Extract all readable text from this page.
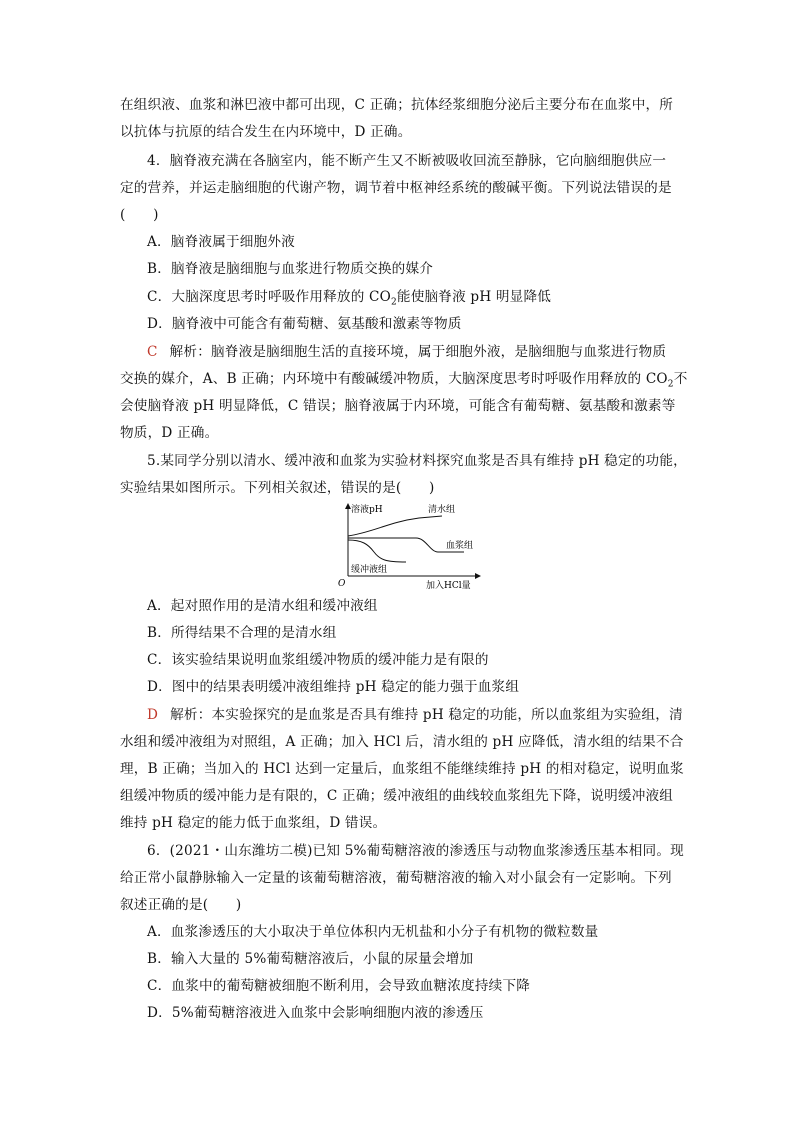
在组织液、血浆和淋巴液中都可出现，C 正确；抗体经浆细胞分泌后主要分布在血浆中，所
以抗体与抗原的结合发生在内环境中，D 正确。
4．脑脊液充满在各脑室内，能不断产生又不断被吸收回流至静脉，它向脑细胞供应一
定的营养，并运走脑细胞的代谢产物，调节着中枢神经系统的酸碱平衡。下列说法错误的是
(　　)
A．脑脊液属于细胞外液
B．脑脊液是脑细胞与血浆进行物质交换的媒介
C．大脑深度思考时呼吸作用释放的 $CO_2$能使脑脊液 pH 明显降低
D．脑脊液中可能含有葡萄糖、氨基酸和激素等物质
C 解析：脑脊液是脑细胞生活的直接环境，属于细胞外液，是脑细胞与血浆进行物质
交换的媒介，A、B 正确；内环境中有酸碱缓冲物质，大脑深度思考时呼吸作用释放的 $CO_2$不
会使脑脊液 pH 明显降低，C 错误；脑脊液属于内环境，可能含有葡萄糖、氨基酸和激素等
物质，D 正确。
5.某同学分别以清水、缓冲液和血浆为实验材料探究血浆是否具有维持 pH 稳定的功能，
实验结果如图所示。下列相关叙述，错误的是(　　)
溶液pH
O	加入HCl量
清水组
血浆组
缓冲液组
A．起对照作用的是清水组和缓冲液组
B．所得结果不合理的是清水组
C．该实验结果说明血浆组缓冲物质的缓冲能力是有限的
D．图中的结果表明缓冲液组维持 pH 稳定的能力强于血浆组
D 解析：本实验探究的是血浆是否具有维持 pH 稳定的功能，所以血浆组为实验组，清
水组和缓冲液组为对照组，A 正确；加入 HCl 后，清水组的 pH 应降低，清水组的结果不合
理，B 正确；当加入的 HCl 达到一定量后，血浆组不能继续维持 pH 的相对稳定，说明血浆
组缓冲物质的缓冲能力是有限的，C 正确；缓冲液组的曲线较血浆组先下降，说明缓冲液组
维持 pH 稳定的能力低于血浆组，D 错误。
6．(2021・山东潍坊二模)已知 5%葡萄糖溶液的渗透压与动物血浆渗透压基本相同。现
给正常小鼠静脉输入一定量的该葡萄糖溶液，葡萄糖溶液的输入对小鼠会有一定影响。下列
叙述正确的是(　　)
A．血浆渗透压的大小取决于单位体积内无机盐和小分子有机物的微粒数量
B．输入大量的 5%葡萄糖溶液后，小鼠的尿量会增加
C．血浆中的葡萄糖被细胞不断利用，会导致血糖浓度持续下降
D．5%葡萄糖溶液进入血浆中会影响细胞内液的渗透压
